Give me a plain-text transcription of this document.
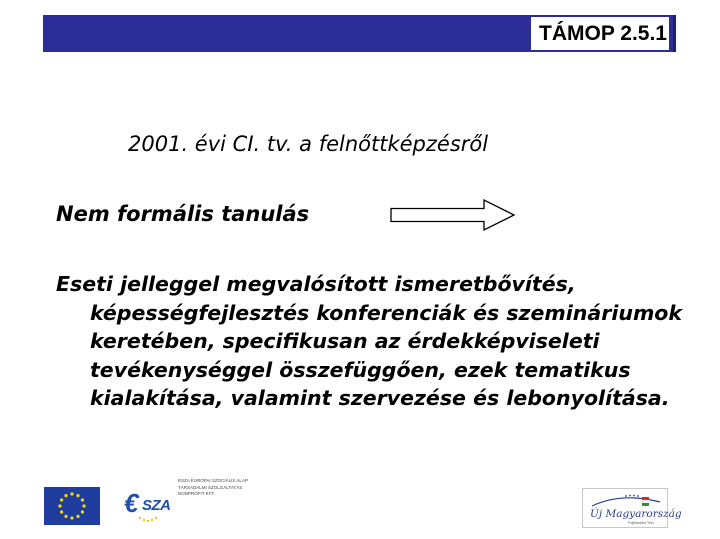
TÁMOP 2.5.1
2001. évi CI. tv. a felnőttképzésről

Nem formális tanulás

Eseti jelleggel megvalósított ismeretbővítés, képességfejlesztés konferenciák és szemináriumok keretében, specifikusan az érdekképviseleti tevékenységgel összefüggően, ezek tematikus kialakítása, valamint szervezése és lebonyolítása.

€ SZA
ESZA EURÓPAI SZOCIÁLIS ALAP TÁRSADALMI SZOLGÁLTATÁS NONPROFIT KFT.
Új Magyarország
Fejlesztési Terv
